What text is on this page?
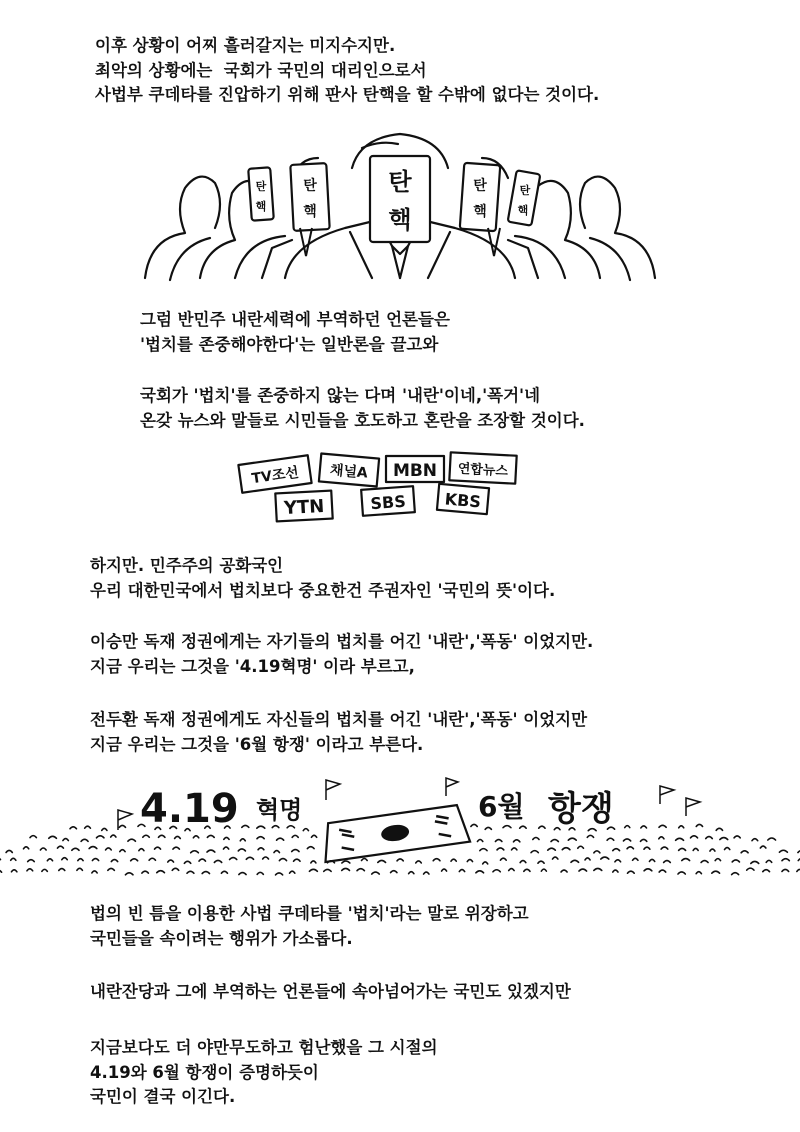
이후 상황이 어찌 흘러갈지는 미지수지만.

최악의 상황에는  국회가 국민의 대리인으로서

사법부 쿠데타를 진압하기 위해 판사 탄핵을 할 수밖에 없다는 것이다.

탄
핵
탄
핵
탄
핵
탄
핵
탄
핵

그럼 반민주 내란세력에 부역하던 언론들은

'법치를 존중해야한다'는 일반론을 끌고와

국회가 '법치'를 존중하지 않는 다며 '내란'이네,'폭거'네

온갖 뉴스와 말들로 시민들을 호도하고 혼란을 조장할 것이다.

TV조선 채널A MBN 연합뉴스
YTN	SBS KBS

하지만. 민주주의 공화국인

우리 대한민국에서 법치보다 중요한건 주권자인 '국민의 뜻'이다.

이승만 독재 정권에게는 자기들의 법치를 어긴 '내란','폭동' 이었지만.

지금 우리는 그것을 '4.19혁명' 이라 부르고,

전두환 독재 정권에게도 자신들의 법치를 어긴 '내란','폭동' 이었지만

지금 우리는 그것을 '6월 항쟁' 이라고 부른다.

4.19 혁명	6월 항쟁

법의 빈 틈을 이용한 사법 쿠데타를 '법치'라는 말로 위장하고

국민들을 속이려는 행위가 가소롭다.

내란잔당과 그에 부역하는 언론들에 속아넘어가는 국민도 있겠지만

지금보다도 더 야만무도하고 험난했을 그 시절의

4.19와 6월 항쟁이 증명하듯이

국민이 결국 이긴다.
